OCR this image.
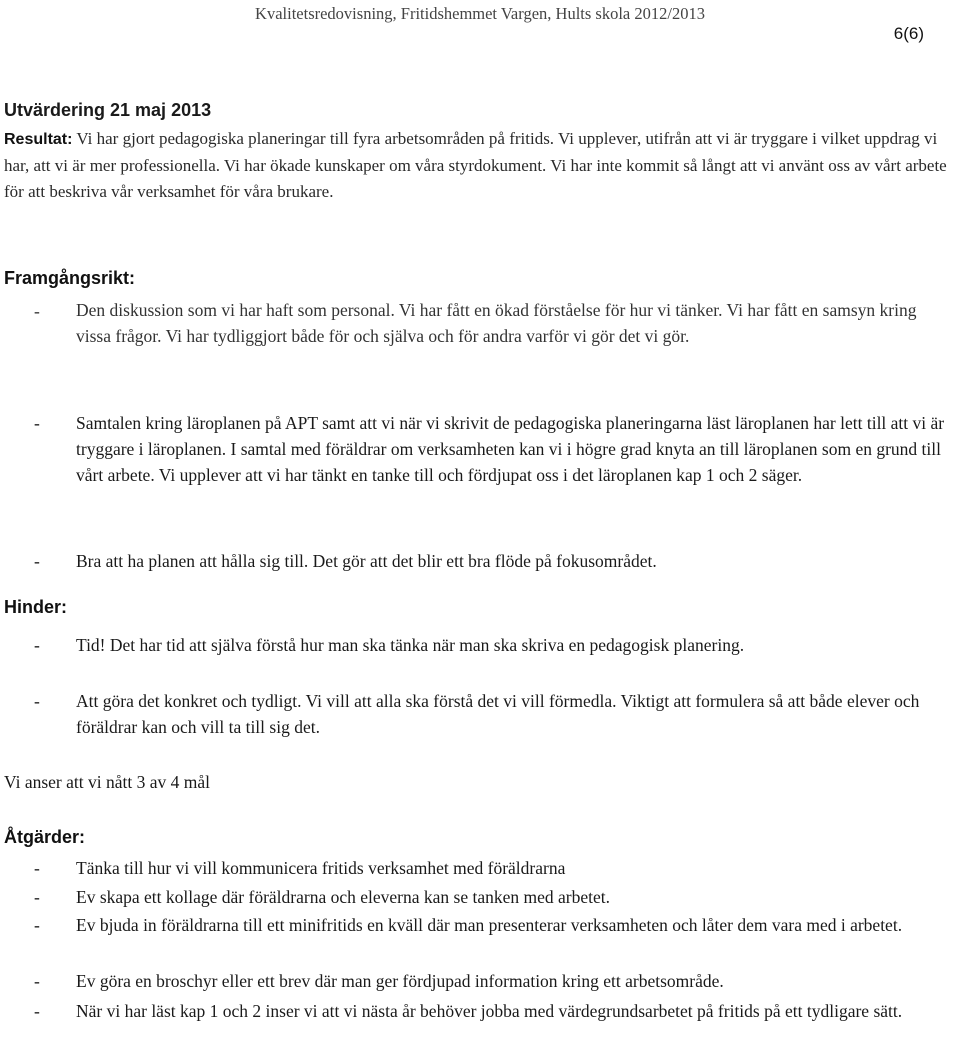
Kvalitetsredovisning, Fritidshemmet Vargen, Hults skola 2012/2013
6(6)
Utvärdering 21 maj 2013
Resultat: Vi har gjort pedagogiska planeringar till fyra arbetsområden på fritids. Vi upplever, utifrån att vi är tryggare i vilket uppdrag vi har, att vi är mer professionella. Vi har ökade kunskaper om våra styrdokument. Vi har inte kommit så långt att vi använt oss av vårt arbete för att beskriva vår verksamhet för våra brukare.
Framgångsrikt:
- Den diskussion som vi har haft som personal. Vi har fått en ökad förståelse för hur vi tänker. Vi har fått en samsyn kring vissa frågor. Vi har tydliggjort både för och själva och för andra varför vi gör det vi gör.
- Samtalen kring läroplanen på APT samt att vi när vi skrivit de pedagogiska planeringarna läst läroplanen har lett till att vi är tryggare i läroplanen. I samtal med föräldrar om verksamheten kan vi i högre grad knyta an till läroplanen som en grund till vårt arbete. Vi upplever att vi har tänkt en tanke till och fördjupat oss i det läroplanen kap 1 och 2 säger.
- Bra att ha planen att hålla sig till. Det gör att det blir ett bra flöde på fokusområdet.
Hinder:
- Tid! Det har tid att själva förstå hur man ska tänka när man ska skriva en pedagogisk planering.
- Att göra det konkret och tydligt. Vi vill att alla ska förstå det vi vill förmedla. Viktigt att formulera så att både elever och föräldrar kan och vill ta till sig det.
Vi anser att vi nått 3 av 4 mål
Åtgärder:
- Tänka till hur vi vill kommunicera fritids verksamhet med föräldrarna
- Ev skapa ett kollage där föräldrarna och eleverna kan se tanken med arbetet.
- Ev bjuda in föräldrarna till ett minifritids en kväll där man presenterar verksamheten och låter dem vara med i arbetet.
- Ev göra en broschyr eller ett brev där man ger fördjupad information kring ett arbetsområde.
- När vi har läst kap 1 och 2 inser vi att vi nästa år behöver jobba med värdegrundsarbetet på fritids på ett tydligare sätt.
